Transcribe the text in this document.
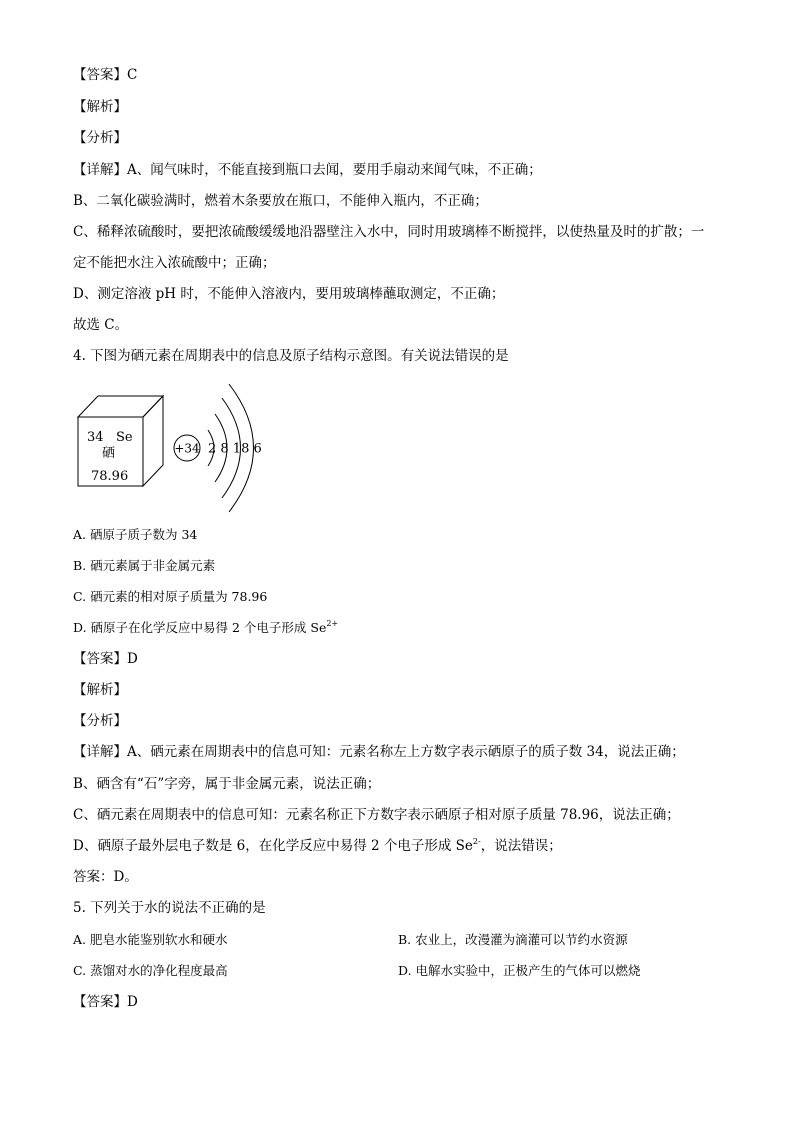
【答案】C
【解析】
【分析】
【详解】A、闻气味时，不能直接到瓶口去闻，要用手扇动来闻气味，不正确；
B、二氧化碳验满时，燃着木条要放在瓶口，不能伸入瓶内，不正确；
C、稀释浓硫酸时，要把浓硫酸缓缓地沿器壁注入水中，同时用玻璃棒不断搅拌，以使热量及时的扩散；一
定不能把水注入浓硫酸中；正确；
D、测定溶液 pH 时，不能伸入溶液内，要用玻璃棒蘸取测定，不正确；
故选 C。
4. 下图为硒元素在周期表中的信息及原子结构示意图。有关说法错误的是
34 Se
硒
78.96
+34 2 8 18 6
A. 硒原子质子数为 34
B. 硒元素属于非金属元素
C. 硒元素的相对原子质量为 78.96
D. 硒原子在化学反应中易得 2 个电子形成 $Se^{2+}$
【答案】D
【解析】
【分析】
【详解】A、硒元素在周期表中的信息可知：元素名称左上方数字表示硒原子的质子数 34，说法正确；
B、硒含有“石”字旁，属于非金属元素，说法正确；
C、硒元素在周期表中的信息可知：元素名称正下方数字表示硒原子相对原子质量 78.96，说法正确；
D、硒原子最外层电子数是 6，在化学反应中易得 2 个电子形成 $Se^{2-}$，说法错误；
答案：D。
5. 下列关于水的说法不正确的是
A. 肥皂水能鉴别软水和硬水	B. 农业上，改漫灌为滴灌可以节约水资源
C. 蒸馏对水的净化程度最高	D. 电解水实验中，正极产生的气体可以燃烧
【答案】D
